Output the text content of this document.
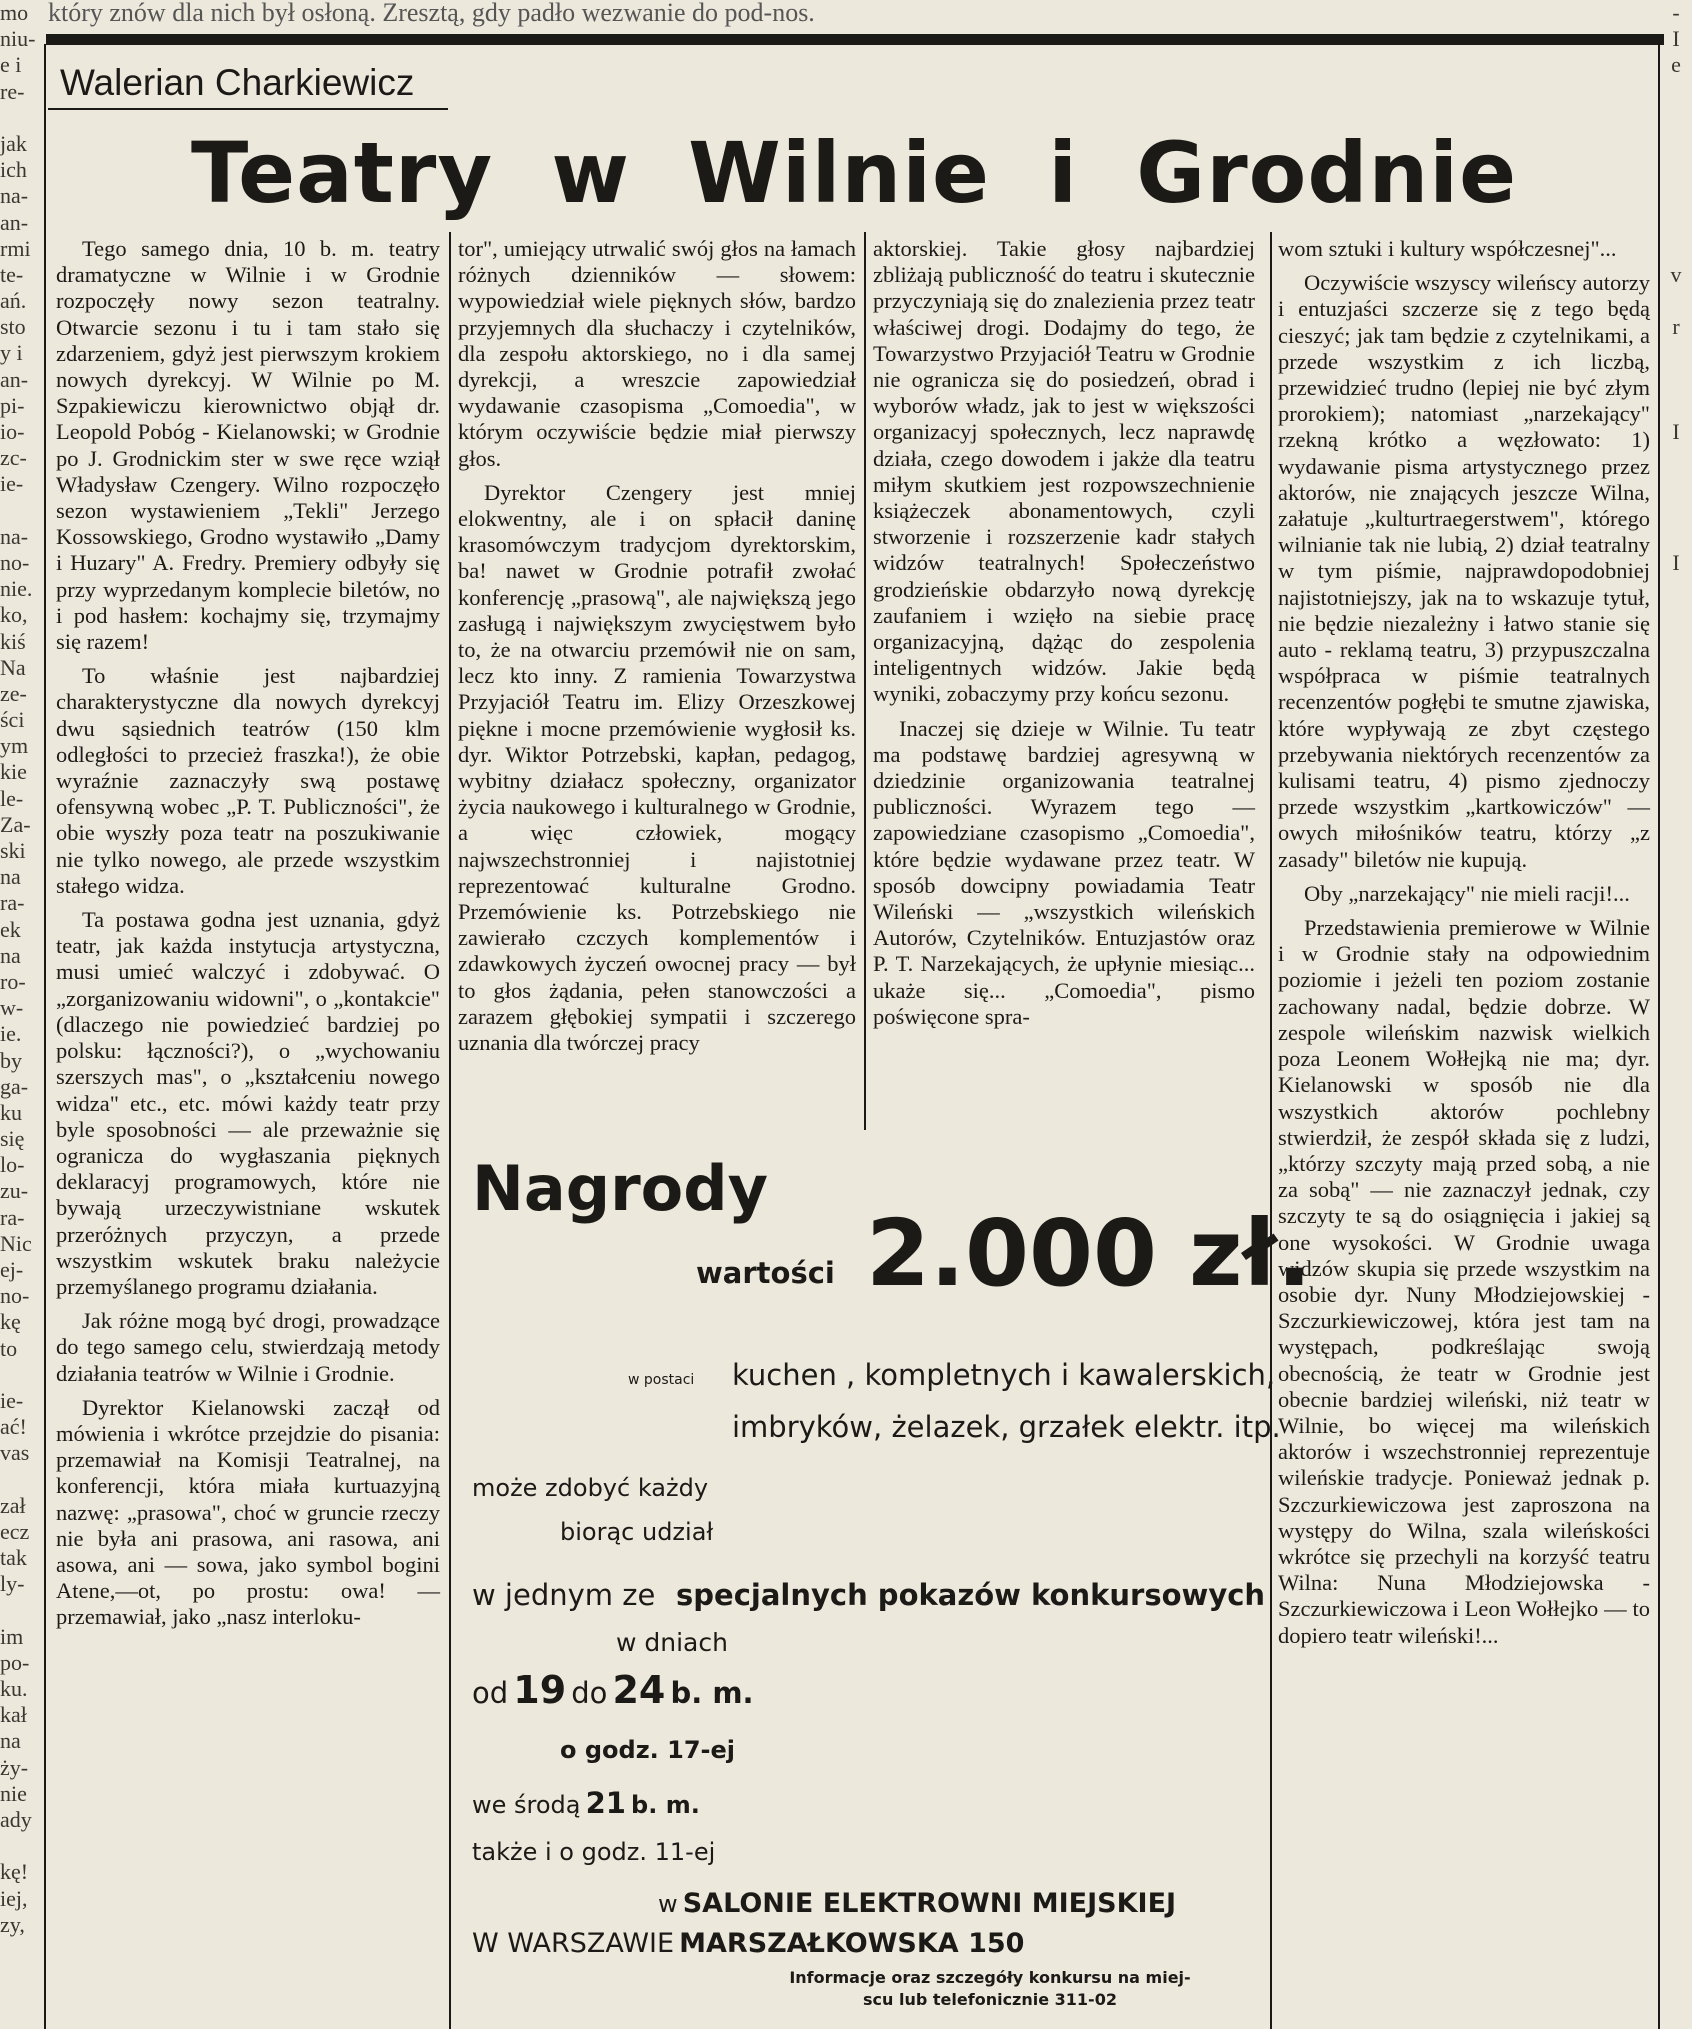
który znów dla nich był osłoną. Zresztą, gdy padło wezwanie do pod-nos.
mo
niu-
e i
re-
jak
ich
na-
an-
rmi
te-
ań.
sto
y i
an-
pi-
io-
zc-
ie-
na-
no-
nie.
ko,
kiś
Na
ze-
ści
ym
kie
le-
Za-
ski
na
ra-
ek
na
ro-
w-
ie.
by
ga-
ku
się
lo-
zu-
ra-
Nic
ej-
no-
kę
to
ie-
ać!
vas
zał
ecz
tak
ly-
im
po-
ku.
kał
na
ży-
nie
ady
kę!
iej,
zy,
-
I
e
v
r
I
I
Walerian Charkiewicz
Teatry w Wilnie i Grodnie

Tego samego dnia, 10 b. m. teatry dramatyczne w Wilnie i w Grodnie rozpoczęły nowy sezon teatralny. Otwarcie sezonu i tu i tam stało się zdarzeniem, gdyż jest pierwszym krokiem nowych dyrekcyj. W Wilnie po M. Szpakiewiczu kierownictwo objął dr. Leopold Pobóg - Kielanowski; w Grodnie po J. Grodnickim ster w swe ręce wziął Władysław Czengery. Wilno rozpoczęło sezon wystawieniem „Tekli" Jerzego Kossowskiego, Grodno wystawiło „Damy i Huzary" A. Fredry. Premiery odbyły się przy wyprzedanym komplecie biletów, no i pod hasłem: kochajmy się, trzymajmy się razem!

To właśnie jest najbardziej charakterystyczne dla nowych dyrekcyj dwu sąsiednich teatrów (150 klm odległości to przecież fraszka!), że obie wyraźnie zaznaczyły swą postawę ofensywną wobec „P. T. Publiczności", że obie wyszły poza teatr na poszukiwanie nie tylko nowego, ale przede wszystkim stałego widza.

Ta postawa godna jest uznania, gdyż teatr, jak każda instytucja artystyczna, musi umieć walczyć i zdobywać. O „zorganizowaniu widowni", o „kontakcie" (dlaczego nie powiedzieć bardziej po polsku: łączności?), o „wychowaniu szerszych mas", o „kształceniu nowego widza" etc., etc. mówi każdy teatr przy byle sposobności — ale przeważnie się ogranicza do wygłaszania pięknych deklaracyj programowych, które nie bywają urzeczywistniane wskutek przeróżnych przyczyn, a przede wszystkim wskutek braku należycie przemyślanego programu działania.

Jak różne mogą być drogi, prowadzące do tego samego celu, stwierdzają metody działania teatrów w Wilnie i Grodnie.

Dyrektor Kielanowski zaczął od mówienia i wkrótce przejdzie do pisania: przemawiał na Komisji Teatralnej, na konferencji, która miała kurtuazyjną nazwę: „prasowa", choć w gruncie rzeczy nie była ani prasowa, ani rasowa, ani asowa, ani — sowa, jako symbol bogini Atene,—ot, po prostu: owa! — przemawiał, jako „nasz interloku-

tor", umiejący utrwalić swój głos na łamach różnych dzienników — słowem: wypowiedział wiele pięknych słów, bardzo przyjemnych dla słuchaczy i czytelników, dla zespołu aktorskiego, no i dla samej dyrekcji, a wreszcie zapowiedział wydawanie czasopisma „Comoedia", w którym oczywiście będzie miał pierwszy głos.

Dyrektor Czengery jest mniej elokwentny, ale i on spłacił daninę krasomówczym tradycjom dyrektorskim, ba! nawet w Grodnie potrafił zwołać konferencję „prasową", ale największą jego zasługą i największym zwycięstwem było to, że na otwarciu przemówił nie on sam, lecz kto inny. Z ramienia Towarzystwa Przyjaciół Teatru im. Elizy Orzeszkowej piękne i mocne przemówienie wygłosił ks. dyr. Wiktor Potrzebski, kapłan, pedagog, wybitny działacz społeczny, organizator życia naukowego i kulturalnego w Grodnie, a więc człowiek, mogący najwszechstronniej i najistotniej reprezentować kulturalne Grodno. Przemówienie ks. Potrzebskiego nie zawierało czczych komplementów i zdawkowych życzeń owocnej pracy — był to głos żądania, pełen stanowczości a zarazem głębokiej sympatii i szczerego uznania dla twórczej pracy

aktorskiej. Takie głosy najbardziej zbliżają publiczność do teatru i skutecznie przyczyniają się do znalezienia przez teatr właściwej drogi. Dodajmy do tego, że Towarzystwo Przyjaciół Teatru w Grodnie nie ogranicza się do posiedzeń, obrad i wyborów władz, jak to jest w większości organizacyj społecznych, lecz naprawdę działa, czego dowodem i jakże dla teatru miłym skutkiem jest rozpowszechnienie książeczek abonamentowych, czyli stworzenie i rozszerzenie kadr stałych widzów teatralnych! Społeczeństwo grodzieńskie obdarzyło nową dyrekcję zaufaniem i wzięło na siebie pracę organizacyjną, dążąc do zespolenia inteligentnych widzów. Jakie będą wyniki, zobaczymy przy końcu sezonu.

Inaczej się dzieje w Wilnie. Tu teatr ma podstawę bardziej agresywną w dziedzinie organizowania teatralnej publiczności. Wyrazem tego — zapowiedziane czasopismo „Comoedia", które będzie wydawane przez teatr. W sposób dowcipny powiadamia Teatr Wileński — „wszystkich wileńskich Autorów, Czytelników. Entuzjastów oraz P. T. Narzekających, że upłynie miesiąc... ukaże się... „Comoedia", pismo poświęcone spra-

wom sztuki i kultury współczesnej"...

Oczywiście wszyscy wileńscy autorzy i entuzjaści szczerze się z tego będą cieszyć; jak tam będzie z czytelnikami, a przede wszystkim z ich liczbą, przewidzieć trudno (lepiej nie być złym prorokiem); natomiast „narzekający" rzekną krótko a węzłowato: 1) wydawanie pisma artystycznego przez aktorów, nie znających jeszcze Wilna, załatuje „kulturtraegerstwem", którego wilnianie tak nie lubią, 2) dział teatralny w tym piśmie, najprawdopodobniej najistotniejszy, jak na to wskazuje tytuł, nie będzie niezależny i łatwo stanie się auto - reklamą teatru, 3) przypuszczalna współpraca w piśmie teatralnych recenzentów pogłębi te smutne zjawiska, które wypływają ze zbyt częstego przebywania niektórych recenzentów za kulisami teatru, 4) pismo zjednoczy przede wszystkim „kartkowiczów" — owych miłośników teatru, którzy „z zasady" biletów nie kupują.

Oby „narzekający" nie mieli racji!...

Przedstawienia premierowe w Wilnie i w Grodnie stały na odpowiednim poziomie i jeżeli ten poziom zostanie zachowany nadal, będzie dobrze. W zespole wileńskim nazwisk wielkich poza Leonem Wołłejką nie ma; dyr. Kielanowski w sposób nie dla wszystkich aktorów pochlebny stwierdził, że zespół składa się z ludzi, „którzy szczyty mają przed sobą, a nie za sobą" — nie zaznaczył jednak, czy szczyty te są do osiągnięcia i jakiej są one wysokości. W Grodnie uwaga widzów skupia się przede wszystkim na osobie dyr. Nuny Młodziejowskiej - Szczurkiewiczowej, która jest tam na występach, podkreślając swoją obecnością, że teatr w Grodnie jest obecnie bardziej wileński, niż teatr w Wilnie, bo więcej ma wileńskich aktorów i wszechstronniej reprezentuje wileńskie tradycje. Ponieważ jednak p. Szczurkiewiczowa jest zaproszona na występy do Wilna, szala wileńskości wkrótce się przechyli na korzyść teatru Wilna: Nuna Młodziejowska - Szczurkiewiczowa i Leon Wołłejko — to dopiero teatr wileński!...

Nagrody
wartości 2.000 zł.
w postaci kuchen , kompletnych i kawalerskich,
imbryków, żelazek, grzałek elektr. itp.
może zdobyć każdy
biorąc udział
w jednym ze specjalnych pokazów konkursowych
w dniach
od 19 do 24 b. m.
o godz. 17-ej
we środą 21 b. m.
także i o godz. 11-ej
w SALONIE ELEKTROWNI MIEJSKIEJ
W WARSZAWIE MARSZAŁKOWSKA 150
Informacje oraz szczegóły konkursu na miej-
scu lub telefonicznie 311-02
